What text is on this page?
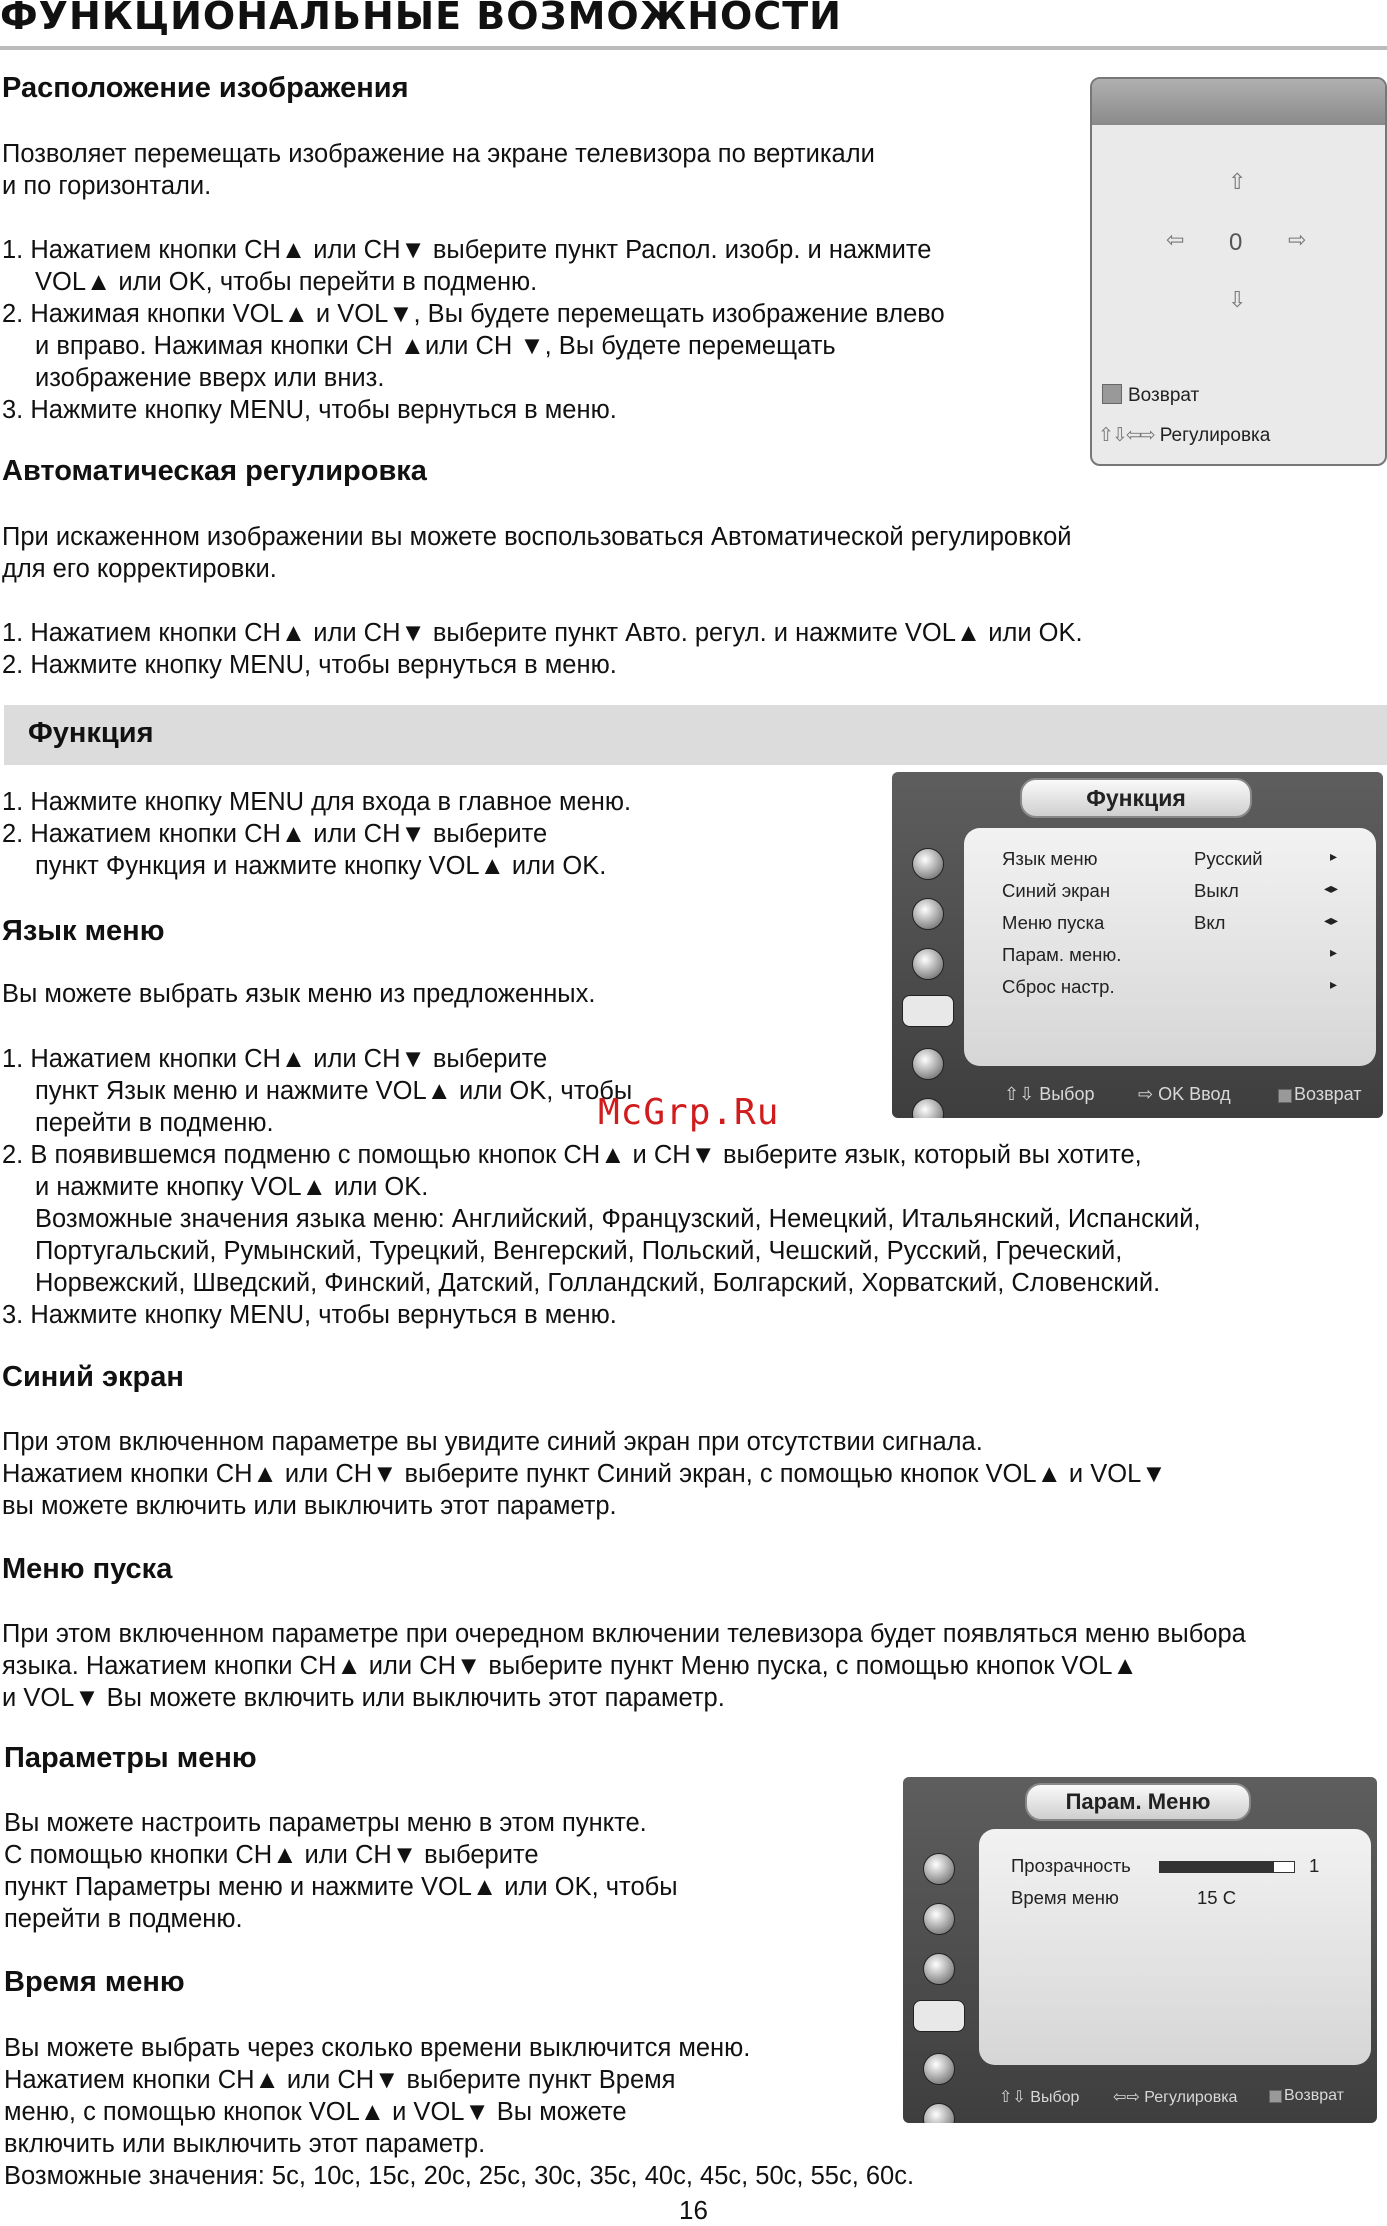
ФУНКЦИОНАЛЬНЫЕ ВОЗМОЖНОСТИ
Расположение изображения
Позволяет перемещать изображение на экране телевизора по вертикали
и по горизонтали.
1. Нажатием кнопки CH▲ или CH▼ выберите пункт Распол. изобр. и нажмите
VOL▲ или OK, чтобы перейти в подменю.
2. Нажимая кнопки VOL▲ и VOL▼, Вы будете перемещать изображение влево
и вправо. Нажимая кнопки CH ▲или CH ▼, Вы будете перемещать
изображение вверх или вниз.
3. Нажмите кнопку MENU, чтобы вернуться в меню.
⇧
⇦ 0 ⇨
⇩
Возврат
⇧⇩⇦⇨ Регулировка
Автоматическая регулировка
При искаженном изображении вы можете воспользоваться Автоматической регулировкой
для его корректировки.
1. Нажатием кнопки CH▲ или CH▼ выберите пункт Авто. регул. и нажмите VOL▲ или OK.
2. Нажмите кнопку MENU, чтобы вернуться в меню.
Функция
1. Нажмите кнопку MENU для входа в главное меню.
2. Нажатием кнопки CH▲ или CH▼ выберите
пункт Функция и нажмите кнопку VOL▲ или OK.
Функция
Язык меню	Русский	▸
Синий экран	Выкл	◂▸
Меню пуска	Вкл	◂▸
Парам. меню.	▸
Сброс настр.	▸
⇧⇩ Выбор ⇨ OK Ввод	Возврат
Язык меню
Вы можете выбрать язык меню из предложенных.
1. Нажатием кнопки CH▲ или CH▼ выберите
пункт Язык меню и нажмите VOL▲ или OK, чтобы
перейти в подменю.
2. В появившемся подменю с помощью кнопок CH▲ и CH▼ выберите язык, который вы хотите,
и нажмите кнопку VOL▲ или OK.
Возможные значения языка меню: Английский, Французский, Немецкий, Итальянский, Испанский,
Португальский, Румынский, Турецкий, Венгерский, Польский, Чешский, Русский, Греческий,
Норвежский, Шведский, Финский, Датский, Голландский, Болгарский, Хорватский, Словенский.
3. Нажмите кнопку MENU, чтобы вернуться в меню.
Синий экран
При этом включенном параметре вы увидите синий экран при отсутствии сигнала.
Нажатием кнопки CH▲ или CH▼ выберите пункт Синий экран, с помощью кнопок VOL▲ и VOL▼
вы можете включить или выключить этот параметр.
Меню пуска
При этом включенном параметре при очередном включении телевизора будет появляться меню выбора
языка. Нажатием кнопки CH▲ или CH▼ выберите пункт Меню пуска, с помощью кнопок VOL▲
и VOL▼ Вы можете включить или выключить этот параметр.
Параметры меню
Вы можете настроить параметры меню в этом пункте.
С помощью кнопки CH▲ или CH▼ выберите
пункт Параметры меню и нажмите VOL▲ или OK, чтобы
перейти в подменю.
Парам. Меню
Прозрачность	1
Время меню	15 С
⇧⇩ Выбор ⇦⇨ Регулировка	Возврат
Время меню
Вы можете выбрать через сколько времени выключится меню.
Нажатием кнопки CH▲ или CH▼ выберите пункт Время
меню, с помощью кнопок VOL▲ и VOL▼ Вы можете
включить или выключить этот параметр.
Возможные значения: 5с, 10с, 15с, 20с, 25с, 30с, 35с, 40с, 45с, 50с, 55с, 60с.
McGrp.Ru
16
